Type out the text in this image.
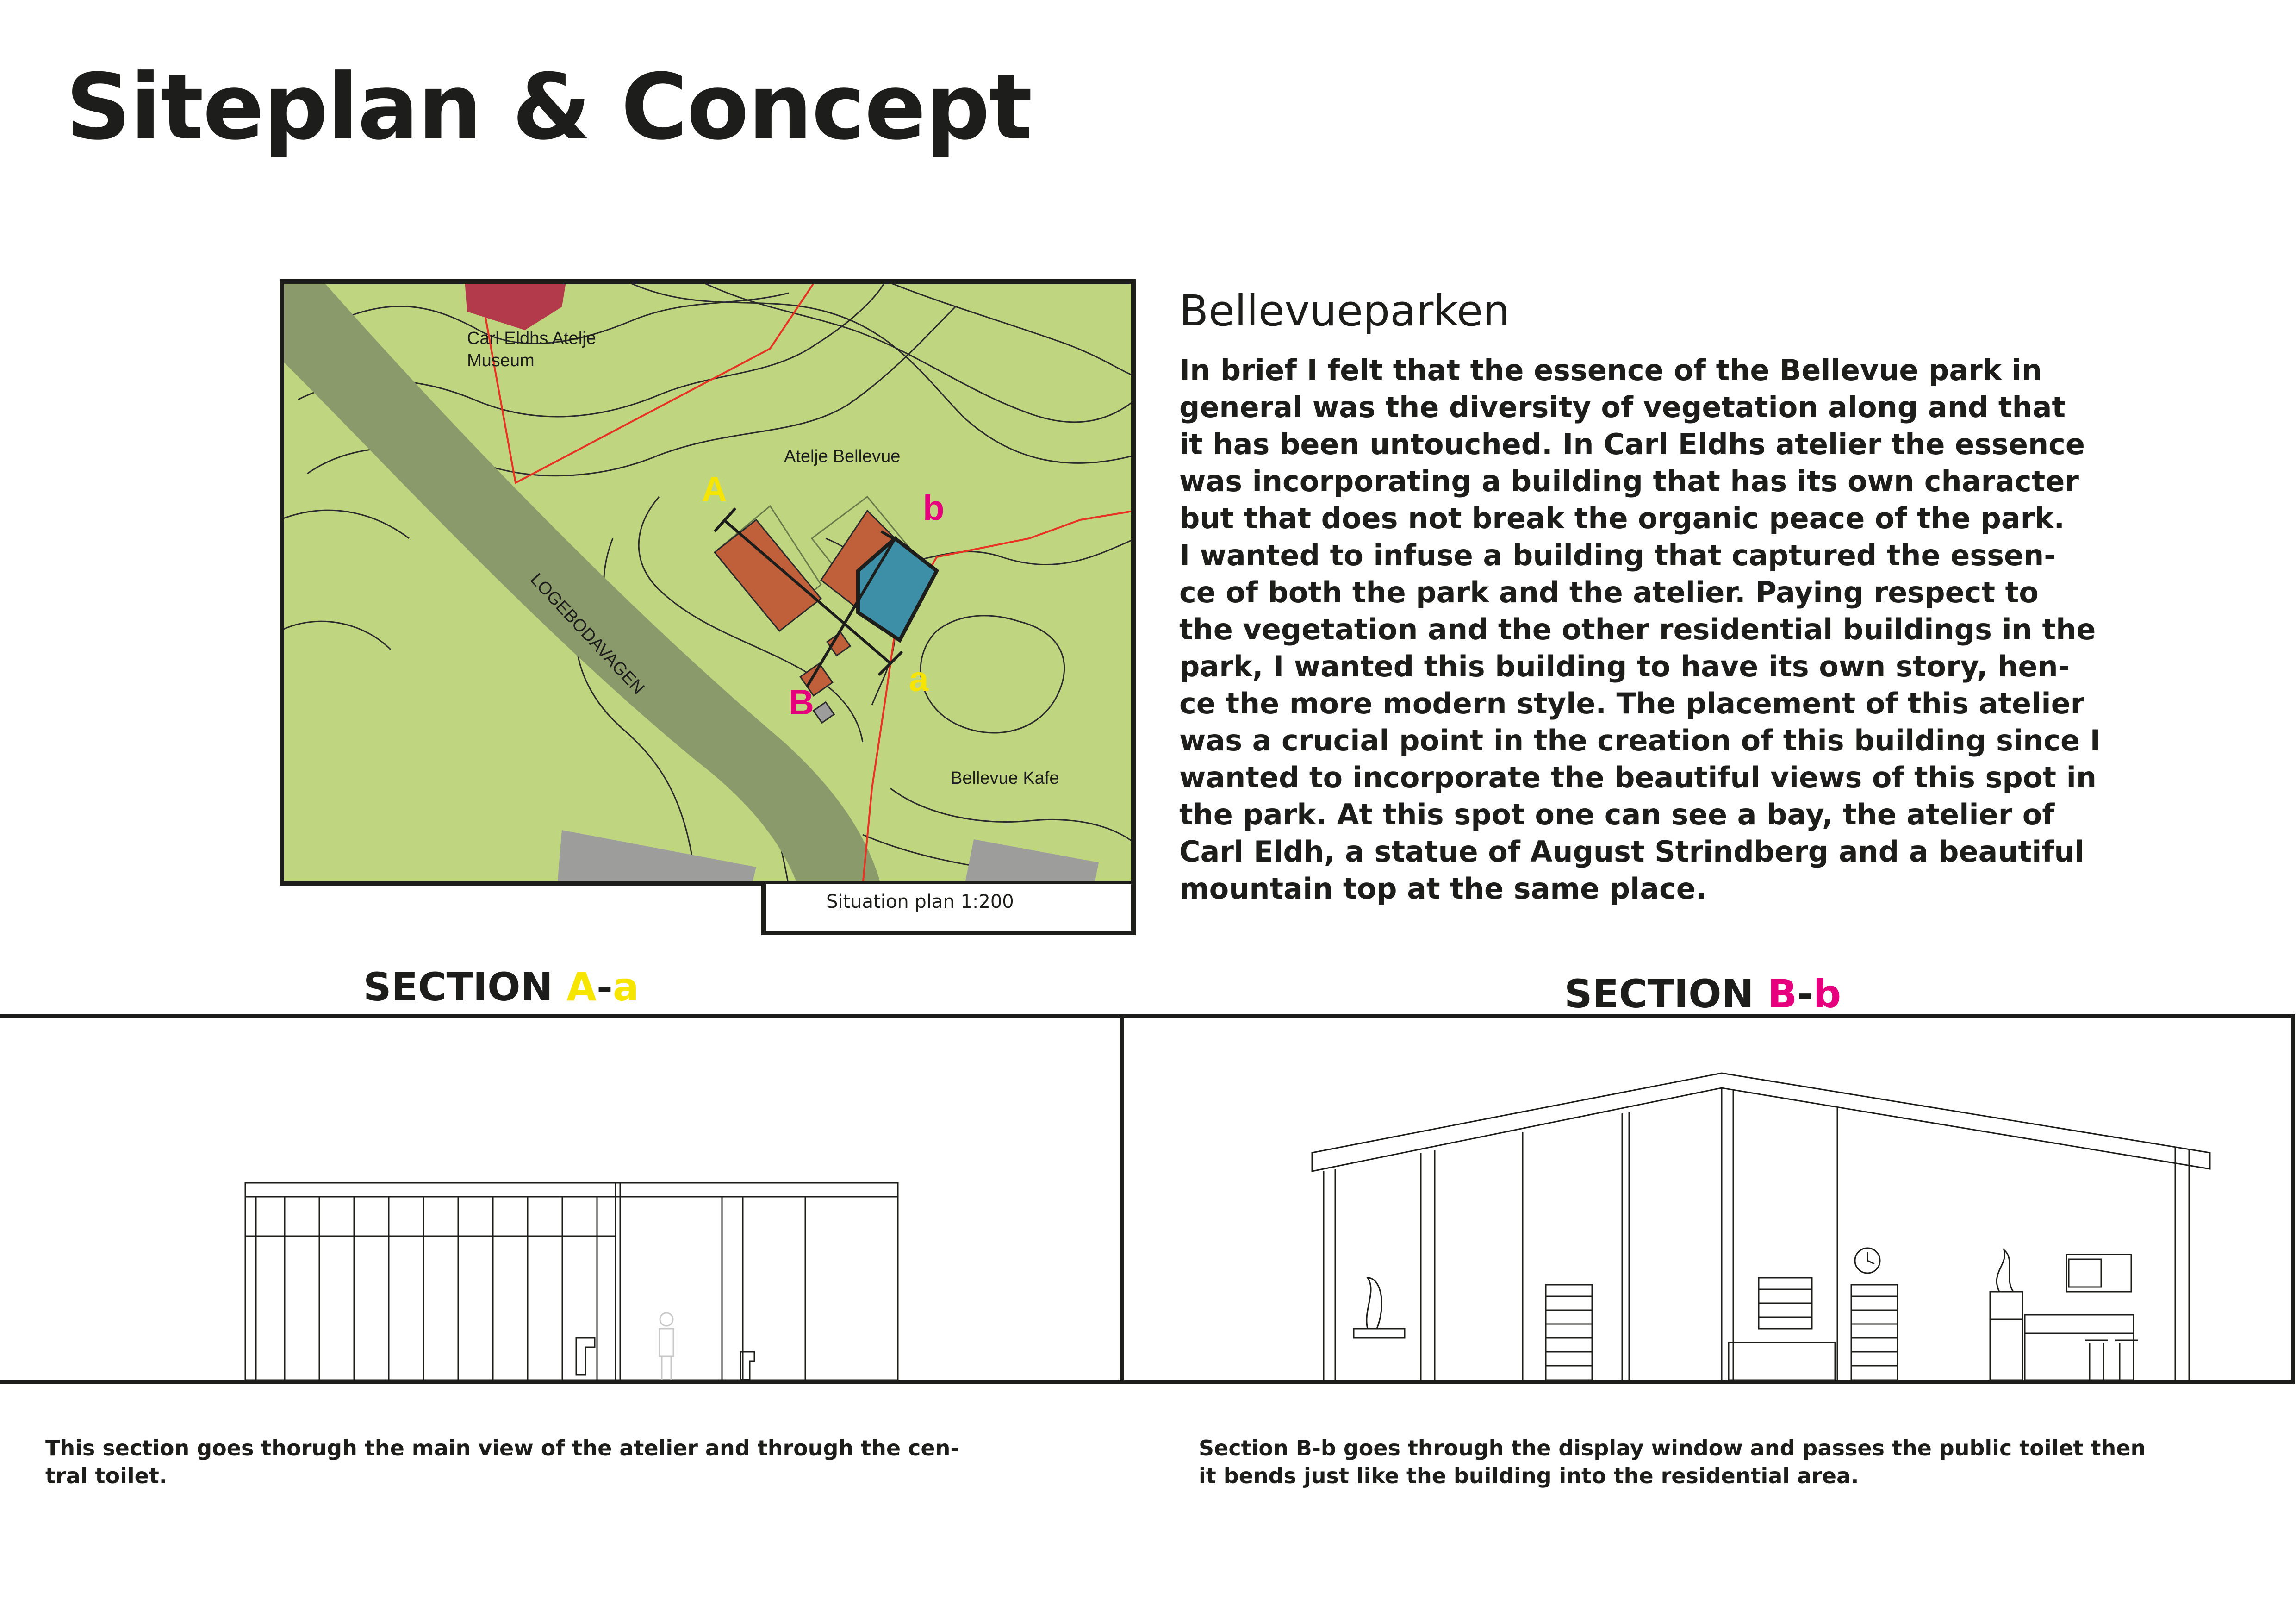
Siteplan & Concept
LOGEBODAVAGEN
Carl Eldhs Atelje
Museum
Atelje Bellevue
Bellevue Kafe
A
a
B
b
Situation plan 1:200
Bellevueparken
In brief I felt that the essence of the Bellevue park in
general was the diversity of vegetation along and that
it has been untouched. In Carl Eldhs atelier the essence
was incorporating a building that has its own character
but that does not break the organic peace of the park.
I wanted to infuse a building that captured the essen-
ce of both the park and the atelier. Paying respect to
the vegetation and the other residential buildings in the
park, I wanted this building to have its own story, hen-
ce the more modern style. The placement of this atelier
was a crucial point in the creation of this building since I
wanted to incorporate the beautiful views of this spot in
the park. At this spot one can see a bay, the atelier of
Carl Eldh, a statue of August Strindberg and a beautiful
mountain top at the same place.
SECTION A-a	SECTION B-b
This section goes thorugh the main view of the atelier and through the cen-
tral toilet.
Section B-b goes through the display window and passes the public toilet then
it bends just like the building into the residential area.
